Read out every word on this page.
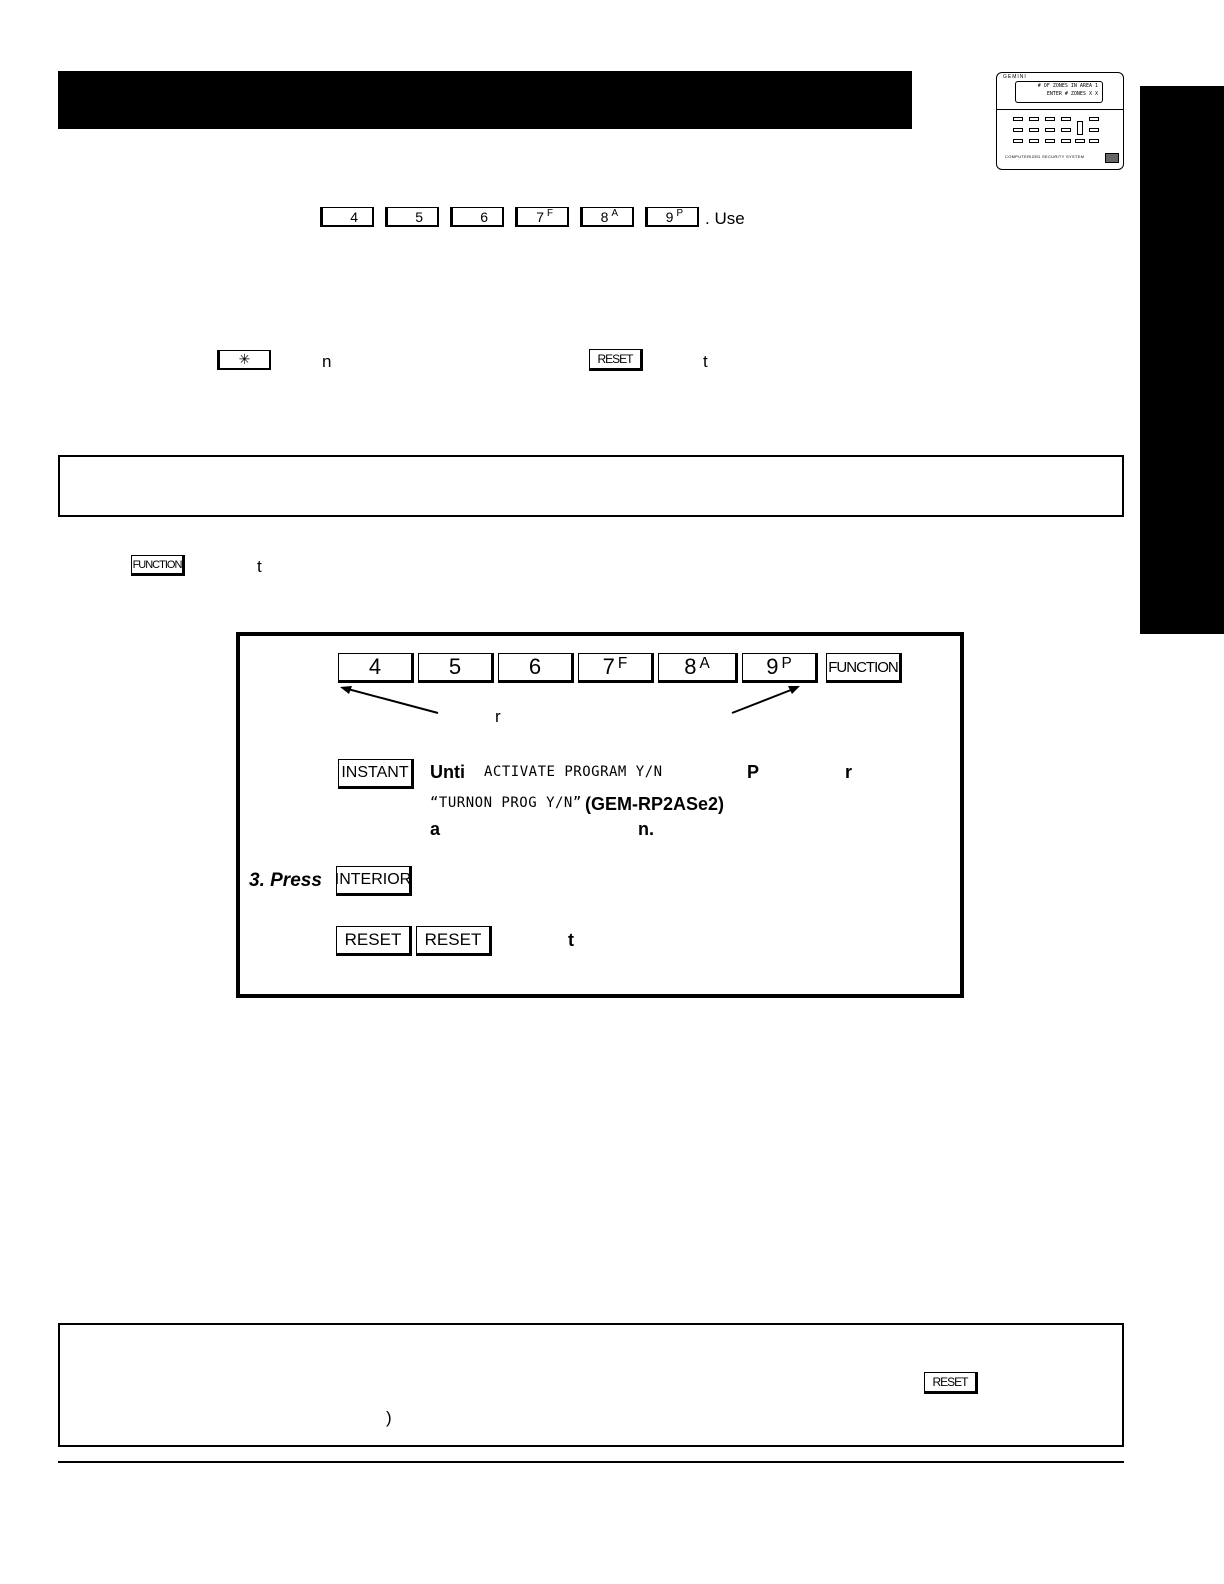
GEMINI
# OF ZONES IN AREA 1
ENTER # ZONES X X
COMPUTERIZED SECURITY SYSTEM
4	5	6	7 F	8 A	9 P . Use
✳	n	RESET	t
FUNCTION	t
4	5	6	7 F	8 A	9 P FUNCTION
r
INSTANT Unti ACTIVATE PROGRAM Y/N	P	r
“TURNON PROG Y/N” (GEM-RP2ASe2)
a	n.
3. Press INTERIOR
RESET RESET	t
RESET
)
